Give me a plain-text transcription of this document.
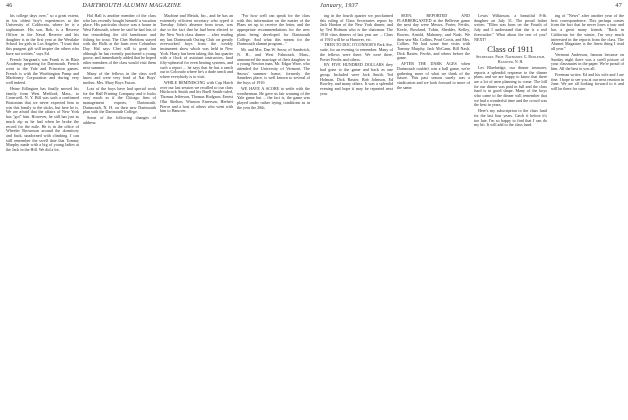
46	DARTMOUTH ALUMNI MAGAZINE	January, 1937	47

his college days over," so a great extent, in his oldest boy's experiences at the University of California, where he is a sophomore. His son, Bob, is a Reserve Officer in the Naval Reserve and his daughter is in the first year at the Westlake School for girls in Los Angeles. "I trust that this pungent gift will inspire the others who have not written," says Ed.

French Sargeant's son Frank is in Blair Academy, preparing for Dartmouth. French went to the Yale and Princeton games. French is with the Worthington Pump and Machinery Corporation and during very well indeed.

Heinz Edlington has finally moved his family from West Medford, Mass., to Cromwell, N. Y. Bill was such a confirmed Bostonian that we never expected him to win this family to the sticks, but here he is. We are afraid that the affairs of New York has "got" him. However, he still has just as much zip as he had when he broke the record for the mile. He is in the office of Wheeler Brownson around the dormitory and back, unadorned with climbing. I can still remember the swell date that Tommy Murphy made with a big of young ladies at the Jack in the Hill. We did a lot.

Hal Hall is another member of the class who has recently bought himself a vacation place. His particular choice was a house in West Falmouth, where he said he had lots of fun remodeling the old farmhouse and fishing for trout. The Chet Sheldons stayed with the Halls at the farm over Columbus Day. Hal says Chet still is great fun although he has recently purchased a young goose, and immediately added that he hoped other members of the class would visit them next summer.

Many of the fellows in the class well know and were very fond of Nat Boys' mother, Mrs. Mary Boys Faxon.

Lots of the boys have had special work for the Hall Printing Company and it looks very much as if the Chicago firm of management experts, Dartmouth, Dartmouth, N. H. on their new Dartmouth plan with the Dartmouth College.

Some of the following changes of address:

Machine and Metals, Inc., and he has an extremely efficient secretary who typed it Tuesday. John's absence from town, was due to the fact that he had been elected to the New York class dinner ... after reading my last Dartmouth Outing Club on greatly overworked boys from the weekly instrument show which was held in New York. Harry has been taking this last quarter with a flock of assistant instructors, hard fifty-upheaval for even heating systems, and such a report ... he says that he has a ranch out in Colorado where he's a dude ranch and where everybody is to visit.

WHILE REMINISCING with Cap Hatch over our last session we recalled to our class Hitchcock Smith and his Buell Smith-ruled, Thomas Jefferson, Thomas Hodgson, Ernest Olin Skelton, Winston Emerson, Herbert Pierce and a host of others who went with him to Hanover.

"For how well can speak for the class with this information on the matter of the Plans set up to receive the letter, and the appropriate recommendations for the new plans being developed for Dartmouth College. And what this means for the Dartmouth alumni program..."

Mr. and Mrs. Dan W. Snow, of Sandwich, N. H., and West Falmouth, Mass., announced the marriage of their daughter to a young Newton man, Mr. Edgar Ware, who attended the University of Vermont. The Snows' summer home, formerly the Saunders place, is well known to several of the boys of 1910.

WE HAVE A SCORE to settle with the weatherman. He gave us fair warning of the Yale game but ... the fact is, the game was played under rather trying conditions as in the year the 20th.

ing in the fourth quarter we proclaimed this ruling of Class Secretaries report by Jack Hardon of the New York dinner, and by Ted Holman who is the chairman. The 1910 class dinners of last year are ... Class of 1910 will be at Hanover, etc.

THEN TO DOC O'CONNOR'S Park Ave. suite, for an evening to remember. Many of the fellows were there. We were there, Porter Ferdix and others.

BY FIVE HUNDRED DOLLARS they had gone to the game and back as one group. Included were Jack Smith, Ted Holman, Dick Baxter, Bob Johnson, Ed Rowley, and many others. It was a splendid evening and hope it may be repeated next year.

SEEN, REPORTED AND FLABBERGASTED at the Bellevue game the next day were Messrs. Porter, Ferdix, Keefe, Rowland, Tobin, Shedder, Kelley, Bowen, Arnold, Mahoney, and Nash. We then saw Ma. Collins, Pearl Cortis, and Mrs. Collins. We had some fine visits with Tommy Murphy, Jack McCann, Bill Nash, Dick Baxter, Ferdix, and others before the game.

AFTER THE DARK AGES when Dartmouth couldn't win a ball game, we're gathering more of what we think of the future. This past season surely was a vindication and we look forward to more of the same.

Lewis Wilkinson, a beautiful 8-lb. daughter on July 31. The proud father writes: "Ellen was born on the Fourth of July and I understand that she is a real firecracker." What about the rest of you? NEXT!

Class of 1911

Secretary, Prof. Nathaniel G. Burleigh, Hanover, N. H.

Les Bluebridge, our dinner treasurer, reports a splendid response to the dinner plans, and we are happy to know that there are a lot of men planning to come. The bill for our dinner was paid in full and the class fund is in good shape. Many of the boys who came to the dinner will remember that we had a wonderful time and the crowd was the best in years.

Here's my subscription to the class fund for the last four years. Catch it before it's too late. I'm so happy to find that I can do my bit. It will add to the class fund.

ing of "News" after another year of the best correspondence. This perhaps comes from the fact that he never loses a tour and has a great many friends. "Back in California for the winter, I'm very much interested in the reports from the class. The Alumni Magazine is the finest thing I read all year."

Vermont Anderson, famous because on Sunday night there was a swell picture of your classmates in the paper. We're proud of him. All the best to you all.

Freeman writes: Ed and his wife and I are fine. I hope to see you at our next reunion in June. We are all looking forward to it and will be there for sure.
